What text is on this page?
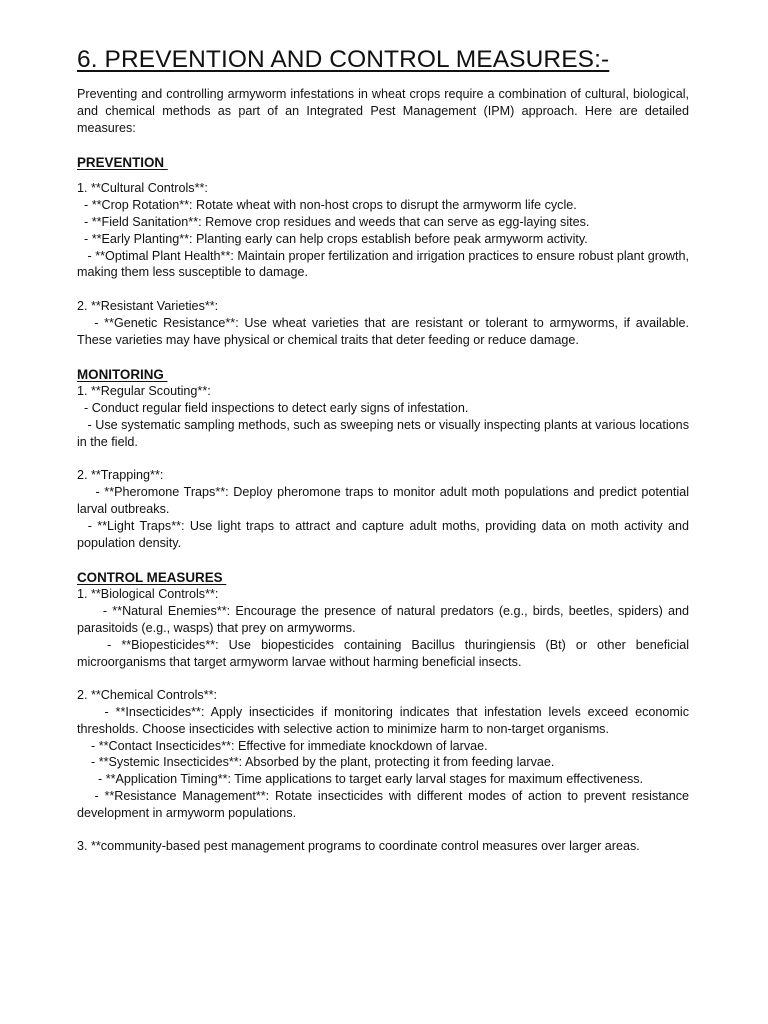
6. PREVENTION AND CONTROL MEASURES:-

Preventing and controlling armyworm infestations in wheat crops require a combination of cultural, biological, and chemical methods as part of an Integrated Pest Management (IPM) approach. Here are detailed measures:

PREVENTION

1. **Cultural Controls**:

- **Crop Rotation**: Rotate wheat with non-host crops to disrupt the armyworm life cycle.

- **Field Sanitation**: Remove crop residues and weeds that can serve as egg-laying sites.

- **Early Planting**: Planting early can help crops establish before peak armyworm activity.

- **Optimal Plant Health**: Maintain proper fertilization and irrigation practices to ensure robust plant growth, making them less susceptible to damage.

2. **Resistant Varieties**:

- **Genetic Resistance**: Use wheat varieties that are resistant or tolerant to armyworms, if available. These varieties may have physical or chemical traits that deter feeding or reduce damage.

MONITORING

1. **Regular Scouting**:

- Conduct regular field inspections to detect early signs of infestation.

- Use systematic sampling methods, such as sweeping nets or visually inspecting plants at various locations in the field.

2. **Trapping**:

- **Pheromone Traps**: Deploy pheromone traps to monitor adult moth populations and predict potential larval outbreaks.

- **Light Traps**: Use light traps to attract and capture adult moths, providing data on moth activity and population density.

CONTROL MEASURES

1. **Biological Controls**:

- **Natural Enemies**: Encourage the presence of natural predators (e.g., birds, beetles, spiders) and parasitoids (e.g., wasps) that prey on armyworms.

- **Biopesticides**: Use biopesticides containing Bacillus thuringiensis (Bt) or other beneficial microorganisms that target armyworm larvae without harming beneficial insects.

2. **Chemical Controls**:

- **Insecticides**: Apply insecticides if monitoring indicates that infestation levels exceed economic thresholds. Choose insecticides with selective action to minimize harm to non-target organisms.

- **Contact Insecticides**: Effective for immediate knockdown of larvae.

- **Systemic Insecticides**: Absorbed by the plant, protecting it from feeding larvae.

- **Application Timing**: Time applications to target early larval stages for maximum effectiveness.

- **Resistance Management**: Rotate insecticides with different modes of action to prevent resistance development in armyworm populations.

3. **community-based pest management programs to coordinate control measures over larger areas.
